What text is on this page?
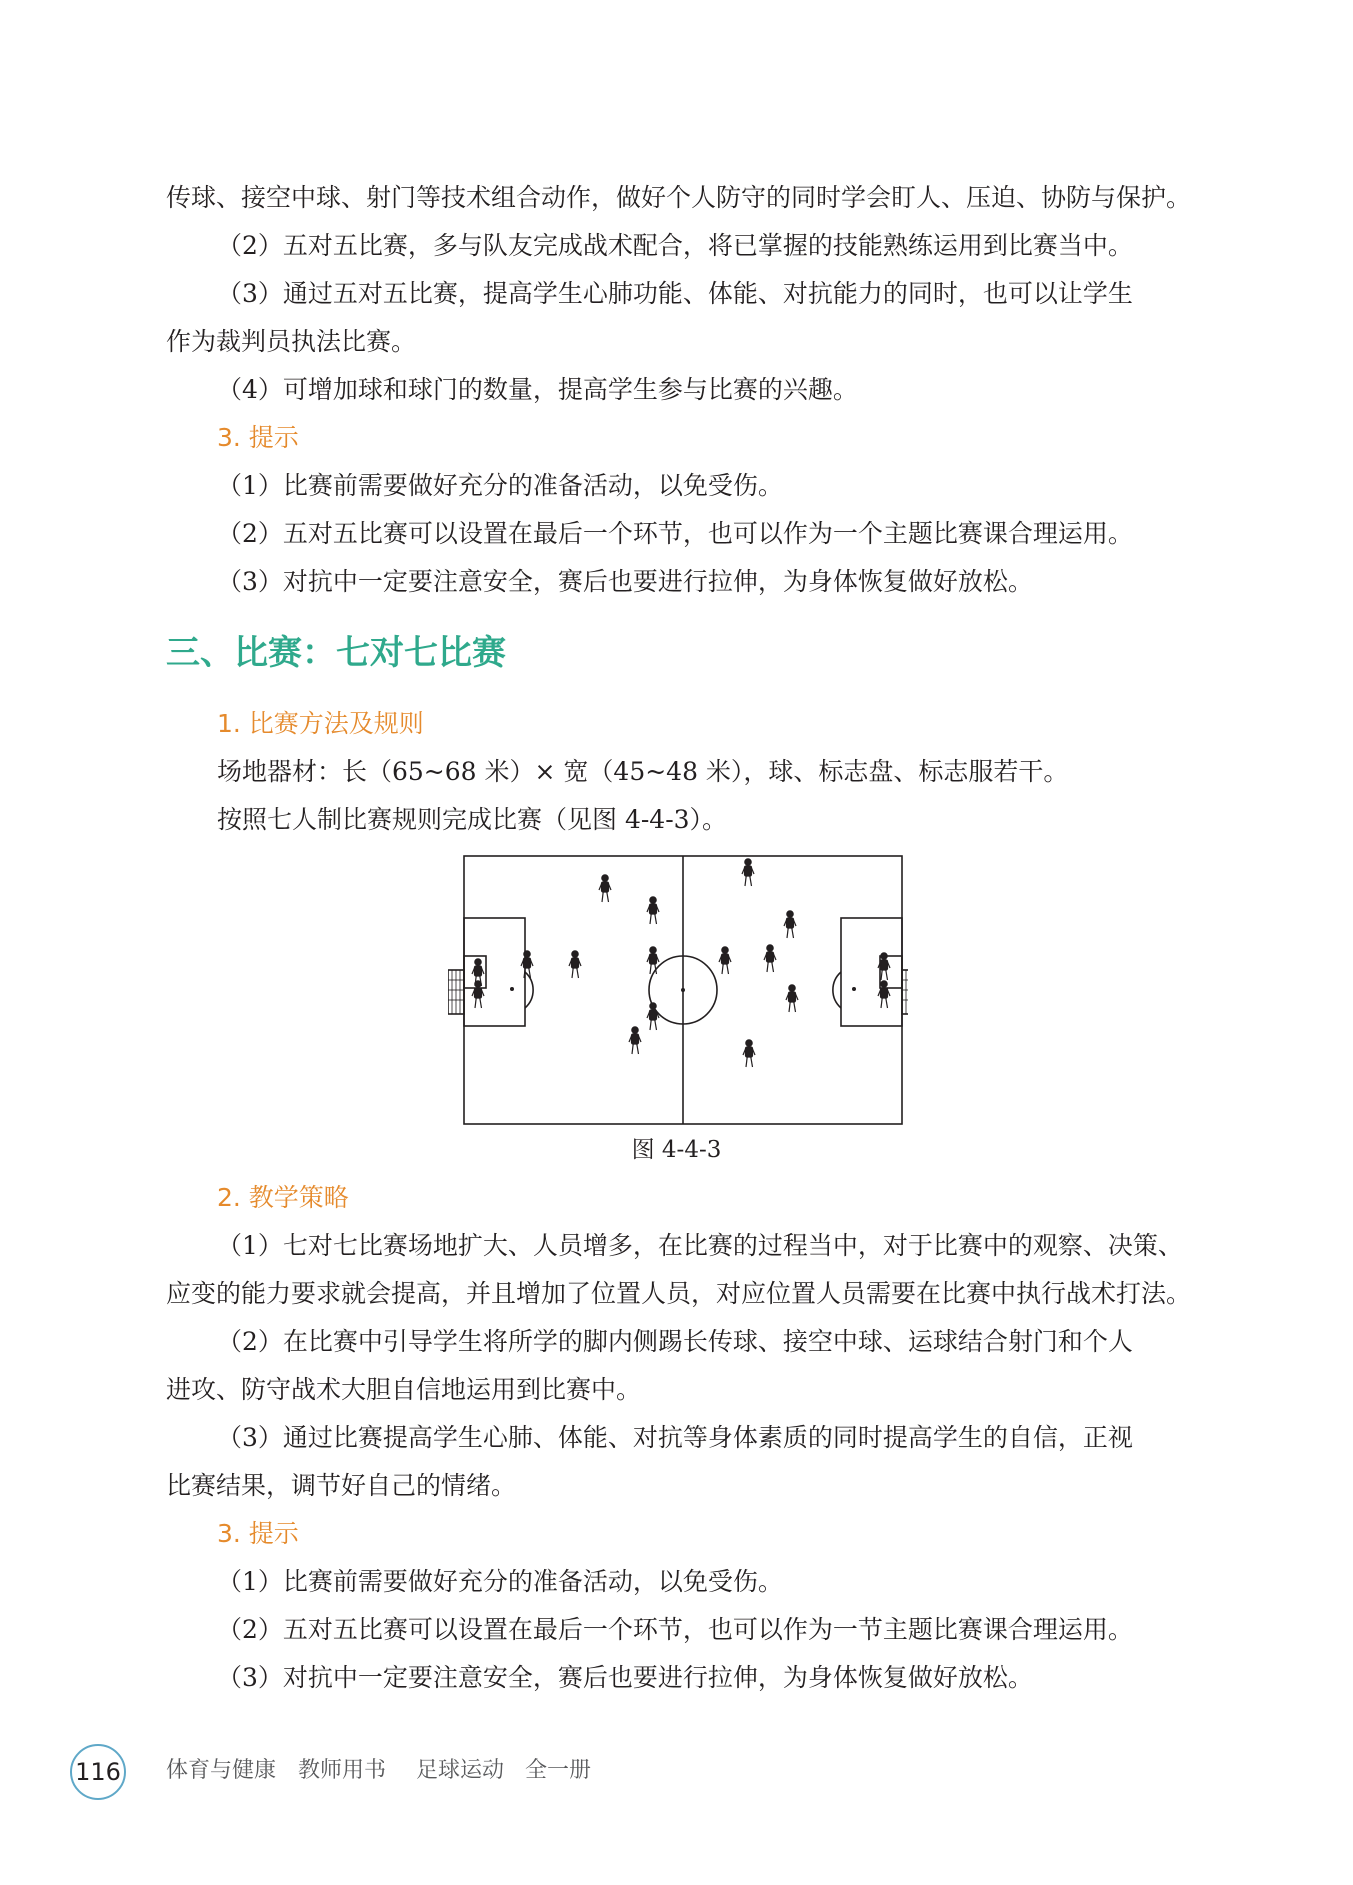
传球、接空中球、射门等技术组合动作，做好个人防守的同时学会盯人、压迫、协防与保护。
（2）五对五比赛，多与队友完成战术配合，将已掌握的技能熟练运用到比赛当中。
（3）通过五对五比赛，提高学生心肺功能、体能、对抗能力的同时，也可以让学生
作为裁判员执法比赛。
（4）可增加球和球门的数量，提高学生参与比赛的兴趣。
3. 提示
（1）比赛前需要做好充分的准备活动，以免受伤。
（2）五对五比赛可以设置在最后一个环节，也可以作为一个主题比赛课合理运用。
（3）对抗中一定要注意安全，赛后也要进行拉伸，为身体恢复做好放松。
三、比赛：七对七比赛
1. 比赛方法及规则
场地器材：长（65~68 米）× 宽（45~48 米），球、标志盘、标志服若干。
按照七人制比赛规则完成比赛（见图 4-4-3）。
图 4-4-3
2. 教学策略
（1）七对七比赛场地扩大、人员增多，在比赛的过程当中，对于比赛中的观察、决策、
应变的能力要求就会提高，并且增加了位置人员，对应位置人员需要在比赛中执行战术打法。
（2）在比赛中引导学生将所学的脚内侧踢长传球、接空中球、运球结合射门和个人
进攻、防守战术大胆自信地运用到比赛中。
（3）通过比赛提高学生心肺、体能、对抗等身体素质的同时提高学生的自信，正视
比赛结果，调节好自己的情绪。
3. 提示
（1）比赛前需要做好充分的准备活动，以免受伤。
（2）五对五比赛可以设置在最后一个环节，也可以作为一节主题比赛课合理运用。
（3）对抗中一定要注意安全，赛后也要进行拉伸，为身体恢复做好放松。
116 体育与健康 教师用书 足球运动 全一册
